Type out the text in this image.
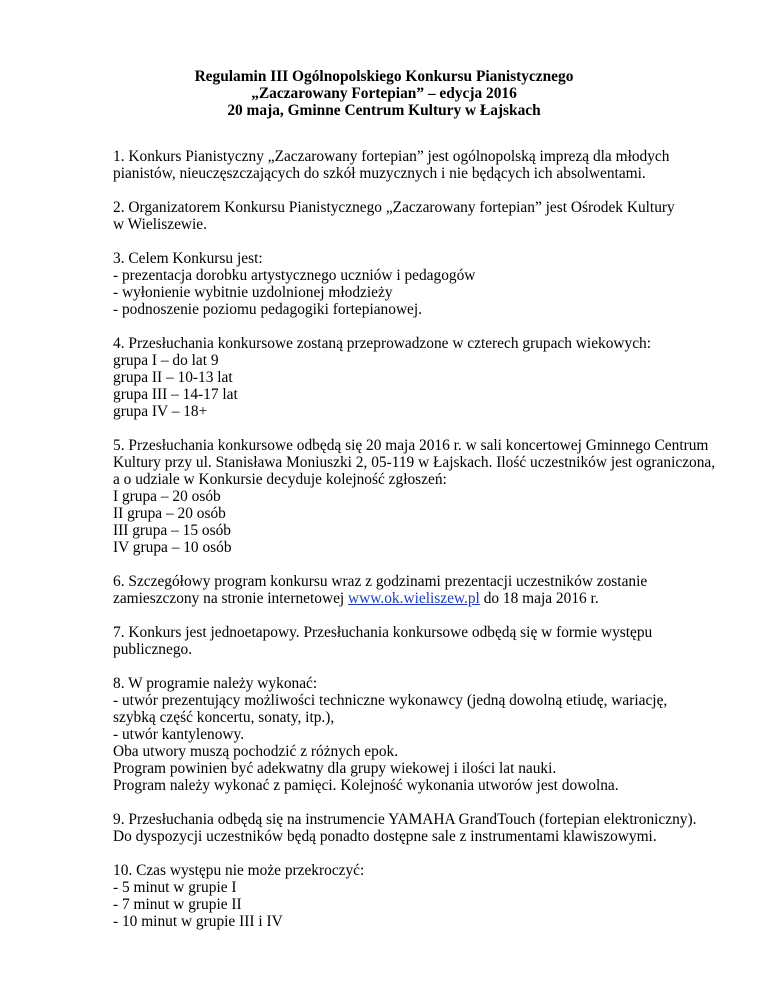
Regulamin III Ogólnopolskiego Konkursu Pianistycznego
„Zaczarowany Fortepian” – edycja 2016
20 maja, Gminne Centrum Kultury w Łajskach
1. Konkurs Pianistyczny „Zaczarowany fortepian” jest ogólnopolską imprezą dla młodych
pianistów, nieuczęszczających do szkół muzycznych i nie będących ich absolwentami.
2. Organizatorem Konkursu Pianistycznego „Zaczarowany fortepian” jest Ośrodek Kultury
w Wieliszewie.
3. Celem Konkursu jest:
- prezentacja dorobku artystycznego uczniów i pedagogów
- wyłonienie wybitnie uzdolnionej młodzieży
- podnoszenie poziomu pedagogiki fortepianowej.
4. Przesłuchania konkursowe zostaną przeprowadzone w czterech grupach wiekowych:
grupa I – do lat 9
grupa II – 10-13 lat
grupa III – 14-17 lat
grupa IV – 18+
5. Przesłuchania konkursowe odbędą się 20 maja 2016 r. w sali koncertowej Gminnego Centrum
Kultury przy ul. Stanisława Moniuszki 2, 05-119 w Łajskach. Ilość uczestników jest ograniczona,
a o udziale w Konkursie decyduje kolejność zgłoszeń:
I grupa – 20 osób
II grupa – 20 osób
III grupa – 15 osób
IV grupa – 10 osób
6. Szczegółowy program konkursu wraz z godzinami prezentacji uczestników zostanie
zamieszczony na stronie internetowej www.ok.wieliszew.pl do 18 maja 2016 r.
7. Konkurs jest jednoetapowy. Przesłuchania konkursowe odbędą się w formie występu
publicznego.
8. W programie należy wykonać:
- utwór prezentujący możliwości techniczne wykonawcy (jedną dowolną etiudę, wariację,
szybką część koncertu, sonaty, itp.),
- utwór kantylenowy.
Oba utwory muszą pochodzić z różnych epok.
Program powinien być adekwatny dla grupy wiekowej i ilości lat nauki.
Program należy wykonać z pamięci. Kolejność wykonania utworów jest dowolna.
9. Przesłuchania odbędą się na instrumencie YAMAHA GrandTouch (fortepian elektroniczny).
Do dyspozycji uczestników będą ponadto dostępne sale z instrumentami klawiszowymi.
10. Czas występu nie może przekroczyć:
- 5 minut w grupie I
- 7 minut w grupie II
- 10 minut w grupie III i IV
